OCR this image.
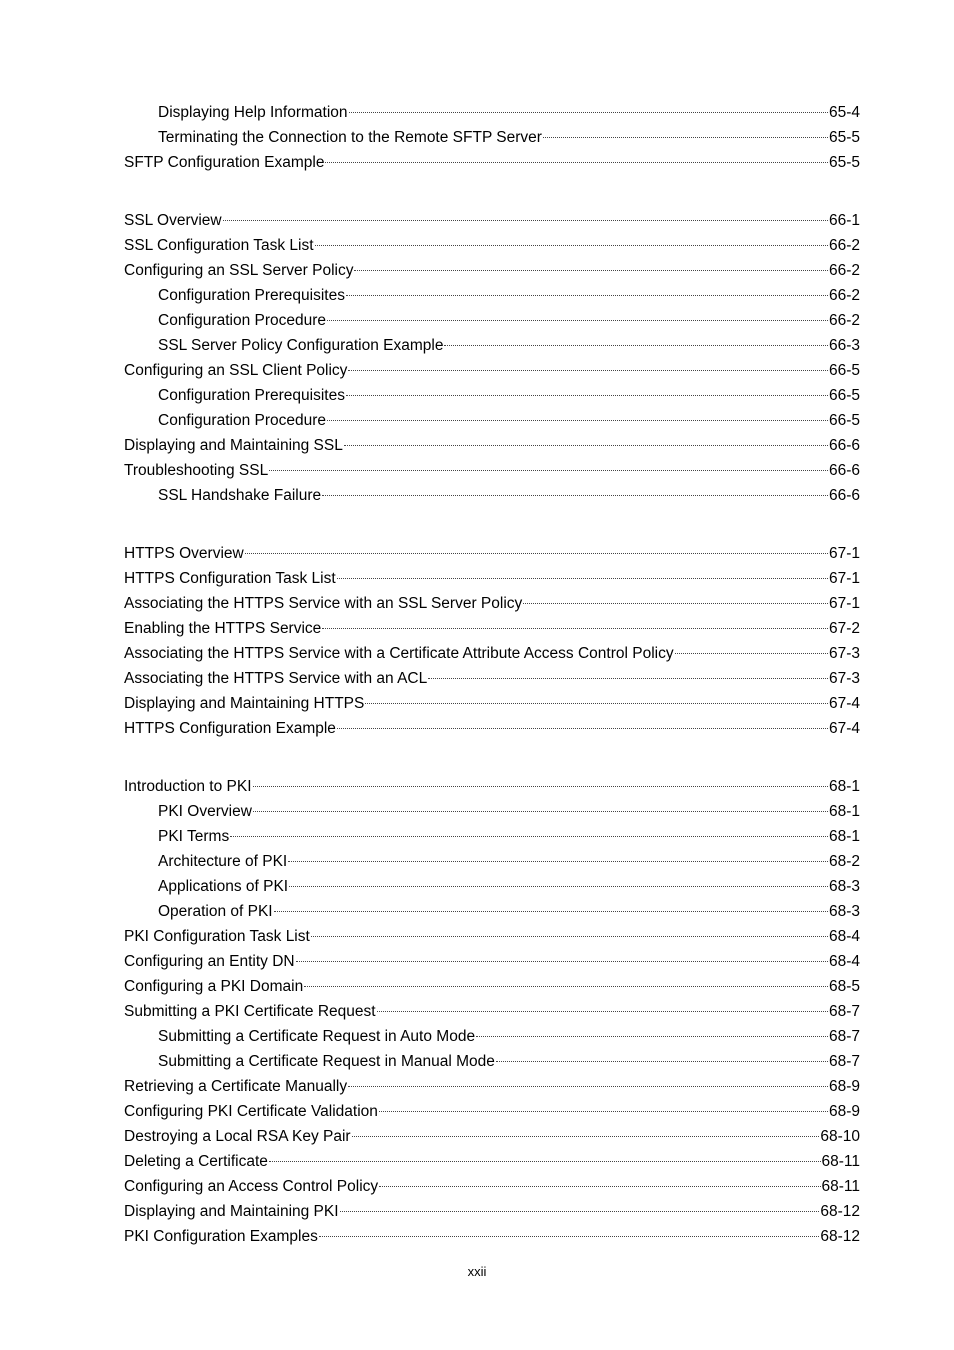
Displaying Help Information	65-4
Terminating the Connection to the Remote SFTP Server	65-5
SFTP Configuration Example	65-5
SSL Overview	66-1
SSL Configuration Task List	66-2
Configuring an SSL Server Policy	66-2
Configuration Prerequisites	66-2
Configuration Procedure	66-2
SSL Server Policy Configuration Example	66-3
Configuring an SSL Client Policy	66-5
Configuration Prerequisites	66-5
Configuration Procedure	66-5
Displaying and Maintaining SSL	66-6
Troubleshooting SSL	66-6
SSL Handshake Failure	66-6
HTTPS Overview	67-1
HTTPS Configuration Task List	67-1
Associating the HTTPS Service with an SSL Server Policy	67-1
Enabling the HTTPS Service	67-2
Associating the HTTPS Service with a Certificate Attribute Access Control Policy	67-3
Associating the HTTPS Service with an ACL	67-3
Displaying and Maintaining HTTPS	67-4
HTTPS Configuration Example	67-4
Introduction to PKI	68-1
PKI Overview	68-1
PKI Terms	68-1
Architecture of PKI	68-2
Applications of PKI	68-3
Operation of PKI	68-3
PKI Configuration Task List	68-4
Configuring an Entity DN	68-4
Configuring a PKI Domain	68-5
Submitting a PKI Certificate Request	68-7
Submitting a Certificate Request in Auto Mode	68-7
Submitting a Certificate Request in Manual Mode	68-7
Retrieving a Certificate Manually	68-9
Configuring PKI Certificate Validation	68-9
Destroying a Local RSA Key Pair	68-10
Deleting a Certificate	68-11
Configuring an Access Control Policy	68-11
Displaying and Maintaining PKI	68-12
PKI Configuration Examples	68-12
xxii
